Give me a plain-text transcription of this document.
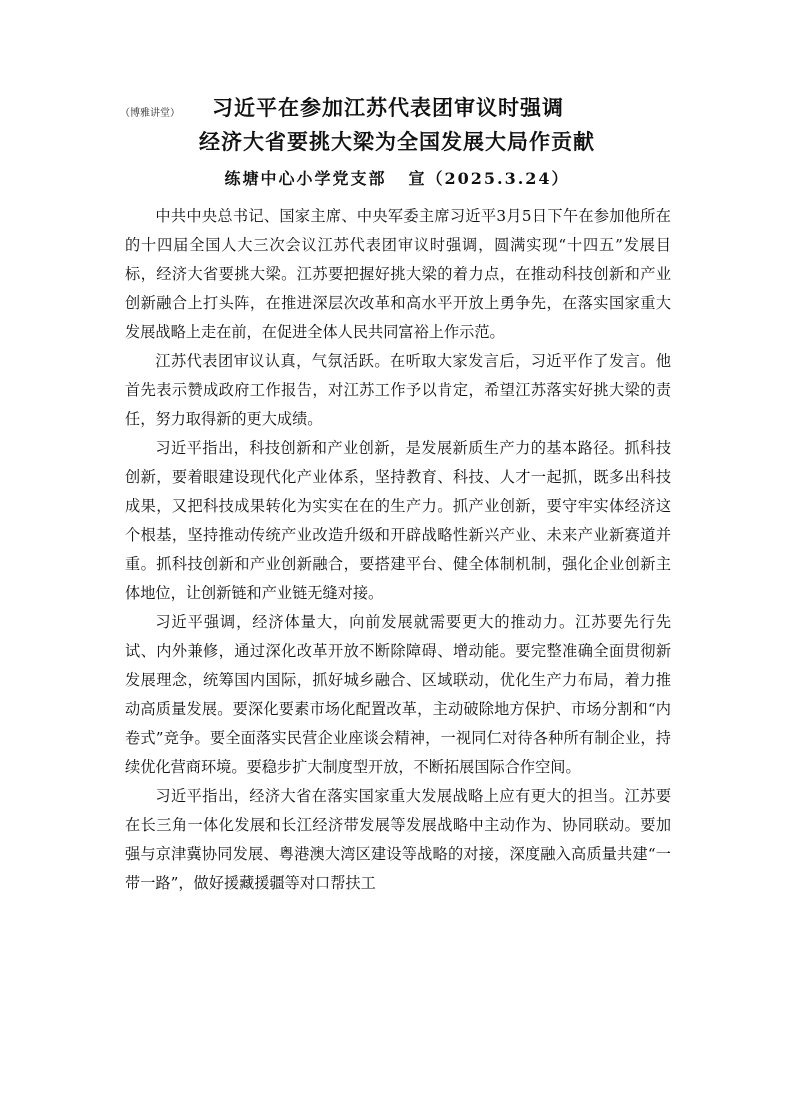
（博雅讲堂） 习近平在参加江苏代表团审议时强调
经济大省要挑大梁为全国发展大局作贡献
练塘中心小学党支部 宣（2025.3.24）

中共中央总书记、国家主席、中央军委主席习近平3月5日下午在参加他所在的十四届全国人大三次会议江苏代表团审议时强调，圆满实现“十四五”发展目标，经济大省要挑大梁。江苏要把握好挑大梁的着力点，在推动科技创新和产业创新融合上打头阵，在推进深层次改革和高水平开放上勇争先，在落实国家重大发展战略上走在前，在促进全体人民共同富裕上作示范。

江苏代表团审议认真，气氛活跃。在听取大家发言后，习近平作了发言。他首先表示赞成政府工作报告，对江苏工作予以肯定，希望江苏落实好挑大梁的责任，努力取得新的更大成绩。

习近平指出，科技创新和产业创新，是发展新质生产力的基本路径。抓科技创新，要着眼建设现代化产业体系，坚持教育、科技、人才一起抓，既多出科技成果，又把科技成果转化为实实在在的生产力。抓产业创新，要守牢实体经济这个根基，坚持推动传统产业改造升级和开辟战略性新兴产业、未来产业新赛道并重。抓科技创新和产业创新融合，要搭建平台、健全体制机制，强化企业创新主体地位，让创新链和产业链无缝对接。

习近平强调，经济体量大，向前发展就需要更大的推动力。江苏要先行先试、内外兼修，通过深化改革开放不断除障碍、增动能。要完整准确全面贯彻新发展理念，统筹国内国际，抓好城乡融合、区域联动，优化生产力布局，着力推动高质量发展。要深化要素市场化配置改革，主动破除地方保护、市场分割和“内卷式”竞争。要全面落实民营企业座谈会精神，一视同仁对待各种所有制企业，持续优化营商环境。要稳步扩大制度型开放，不断拓展国际合作空间。

习近平指出，经济大省在落实国家重大发展战略上应有更大的担当。江苏要在长三角一体化发展和长江经济带发展等发展战略中主动作为、协同联动。要加强与京津冀协同发展、粤港澳大湾区建设等战略的对接，深度融入高质量共建“一带一路”，做好援藏援疆等对口帮扶工
